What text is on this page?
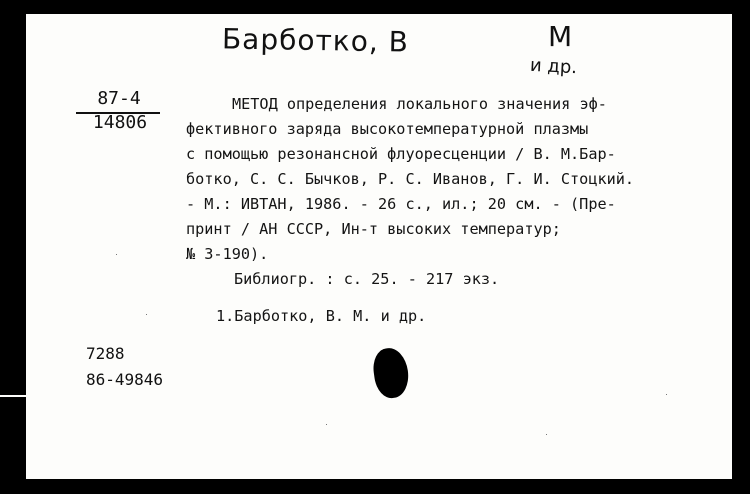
Барботко, В	М
и др.
87-4
14806
МЕТОД определения локального значения эф-
фективного заряда высокотемпературной плазмы
с помощью резонансной флуоресценции / В. М.Бар-
ботко, С. С. Бычков, Р. С. Иванов, Г. И. Стоцкий.
- М.: ИВТАН, 1986. - 26 с., ил.; 20 см. - (Пре-
принт / АН СССР, Ин-т высоких температур;
№ 3-190).
Библиогр. : с. 25. - 217 экз.
1.Барботко, В. М. и др.
7288
86-49846
